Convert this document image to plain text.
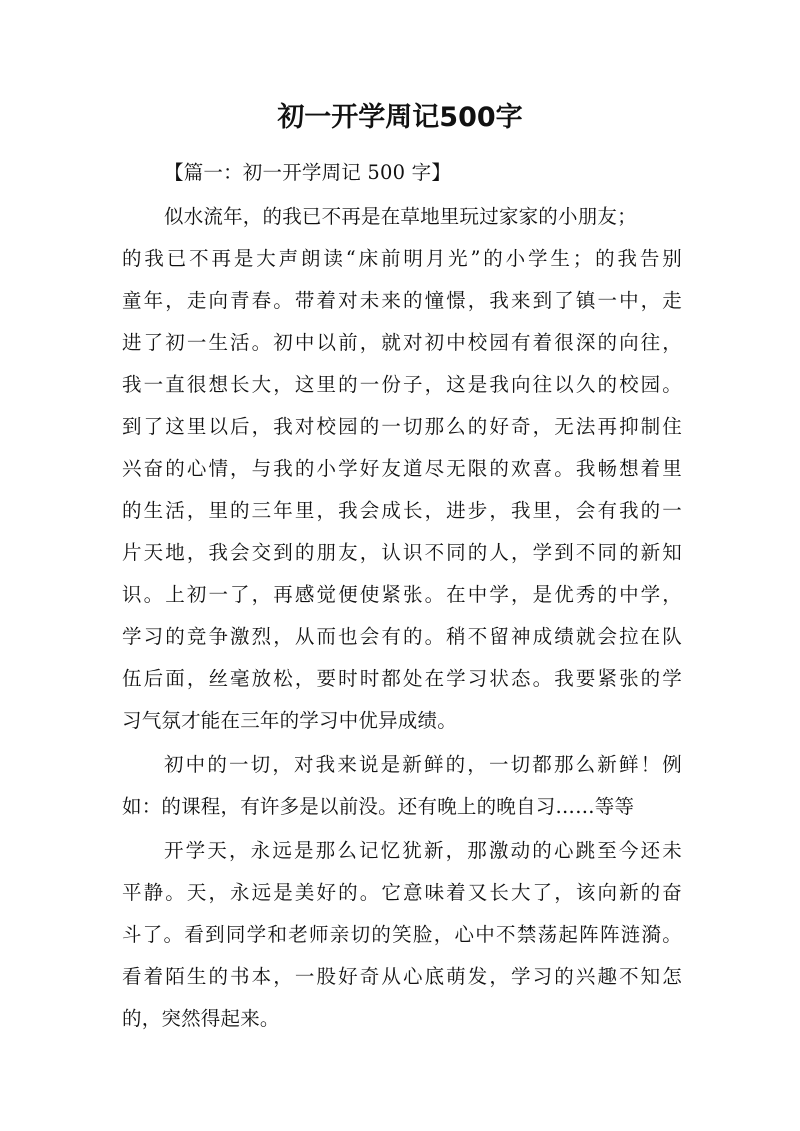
初一开学周记500字
【篇一：初一开学周记 500 字】
似水流年，的我已不再是在草地里玩过家家的小朋友；
的我已不再是大声朗读“床前明月光”的小学生；的我告别
童年，走向青春。带着对未来的憧憬，我来到了镇一中，走
进了初一生活。初中以前，就对初中校园有着很深的向往，
我一直很想长大，这里的一份子，这是我向往以久的校园。
到了这里以后，我对校园的一切那么的好奇，无法再抑制住
兴奋的心情，与我的小学好友道尽无限的欢喜。我畅想着里
的生活，里的三年里，我会成长，进步，我里，会有我的一
片天地，我会交到的朋友，认识不同的人，学到不同的新知
识。上初一了，再感觉便使紧张。在中学，是优秀的中学，
学习的竞争激烈，从而也会有的。稍不留神成绩就会拉在队
伍后面，丝毫放松，要时时都处在学习状态。我要紧张的学
习气氛才能在三年的学习中优异成绩。
初中的一切，对我来说是新鲜的，一切都那么新鲜！例
如：的课程，有许多是以前没。还有晚上的晚自习……等等
开学天，永远是那么记忆犹新，那激动的心跳至今还未
平静。天，永远是美好的。它意味着又长大了，该向新的奋
斗了。看到同学和老师亲切的笑脸，心中不禁荡起阵阵涟漪。
看着陌生的书本，一股好奇从心底萌发，学习的兴趣不知怎
的，突然得起来。
